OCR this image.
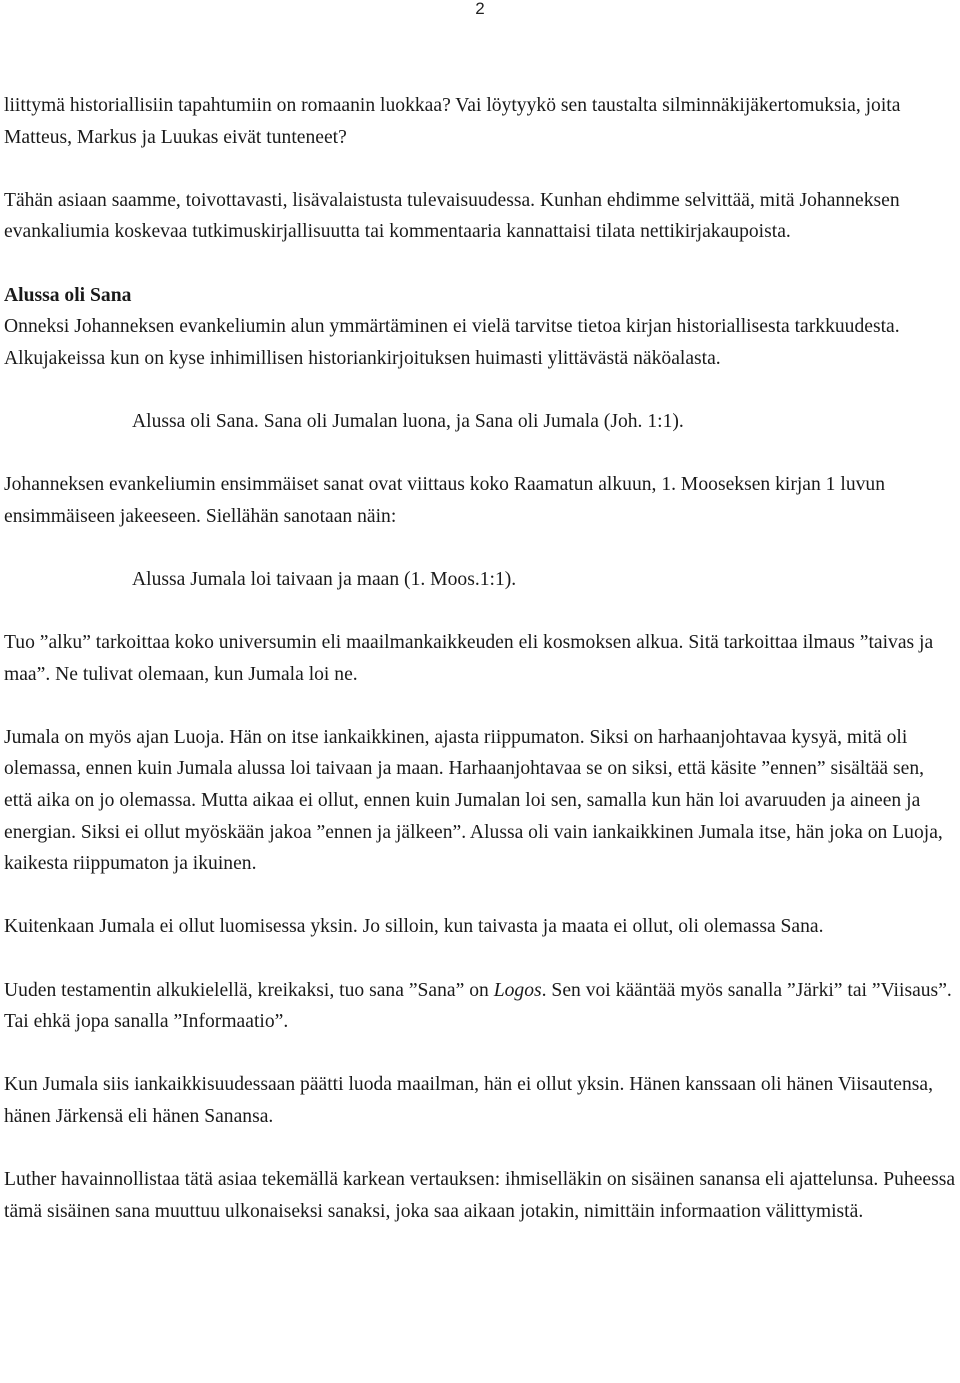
2

liittymä historiallisiin tapahtumiin on romaanin luokkaa? Vai löytyykö sen taustalta silminnäkijäkertomuksia, joita Matteus, Markus ja Luukas eivät tunteneet?

Tähän asiaan saamme, toivottavasti, lisävalaistusta tulevaisuudessa. Kunhan ehdimme selvittää, mitä Johanneksen evankaliumia koskevaa tutkimuskirjallisuutta tai kommentaaria kannattaisi tilata nettikirjakaupoista.

Alussa oli Sana

Onneksi Johanneksen evankeliumin alun ymmärtäminen ei vielä tarvitse tietoa kirjan historiallisesta tarkkuudesta. Alkujakeissa kun on kyse inhimillisen historiankirjoituksen huimasti ylittävästä näköalasta.

Alussa oli Sana. Sana oli Jumalan luona, ja Sana oli Jumala (Joh. 1:1).

Johanneksen evankeliumin ensimmäiset sanat ovat viittaus koko Raamatun alkuun, 1. Mooseksen kirjan 1 luvun ensimmäiseen jakeeseen. Siellähän sanotaan näin:

Alussa Jumala loi taivaan ja maan (1. Moos.1:1).

Tuo ”alku” tarkoittaa koko universumin eli maailmankaikkeuden eli kosmoksen alkua. Sitä tarkoittaa ilmaus ”taivas ja maa”. Ne tulivat olemaan, kun Jumala loi ne.

Jumala on myös ajan Luoja. Hän on itse iankaikkinen, ajasta riippumaton. Siksi on harhaanjohtavaa kysyä, mitä oli olemassa, ennen kuin Jumala alussa loi taivaan ja maan. Harhaanjohtavaa se on siksi, että käsite ”ennen” sisältää sen, että aika on jo olemassa. Mutta aikaa ei ollut, ennen kuin Jumalan loi sen, samalla kun hän loi avaruuden ja aineen ja energian. Siksi ei ollut myöskään jakoa ”ennen ja jälkeen”. Alussa oli vain iankaikkinen Jumala itse, hän joka on Luoja, kaikesta riippumaton ja ikuinen.

Kuitenkaan Jumala ei ollut luomisessa yksin. Jo silloin, kun taivasta ja maata ei ollut, oli olemassa Sana.

Uuden testamentin alkukielellä, kreikaksi, tuo sana ”Sana” on Logos. Sen voi kääntää myös sanalla ”Järki” tai ”Viisaus”. Tai ehkä jopa sanalla ”Informaatio”.

Kun Jumala siis iankaikkisuudessaan päätti luoda maailman, hän ei ollut yksin. Hänen kanssaan oli hänen Viisautensa, hänen Järkensä eli hänen Sanansa.

Luther havainnollistaa tätä asiaa tekemällä karkean vertauksen: ihmiselläkin on sisäinen sanansa eli ajattelunsa. Puheessa tämä sisäinen sana muuttuu ulkonaiseksi sanaksi, joka saa aikaan jotakin, nimittäin informaation välittymistä.
